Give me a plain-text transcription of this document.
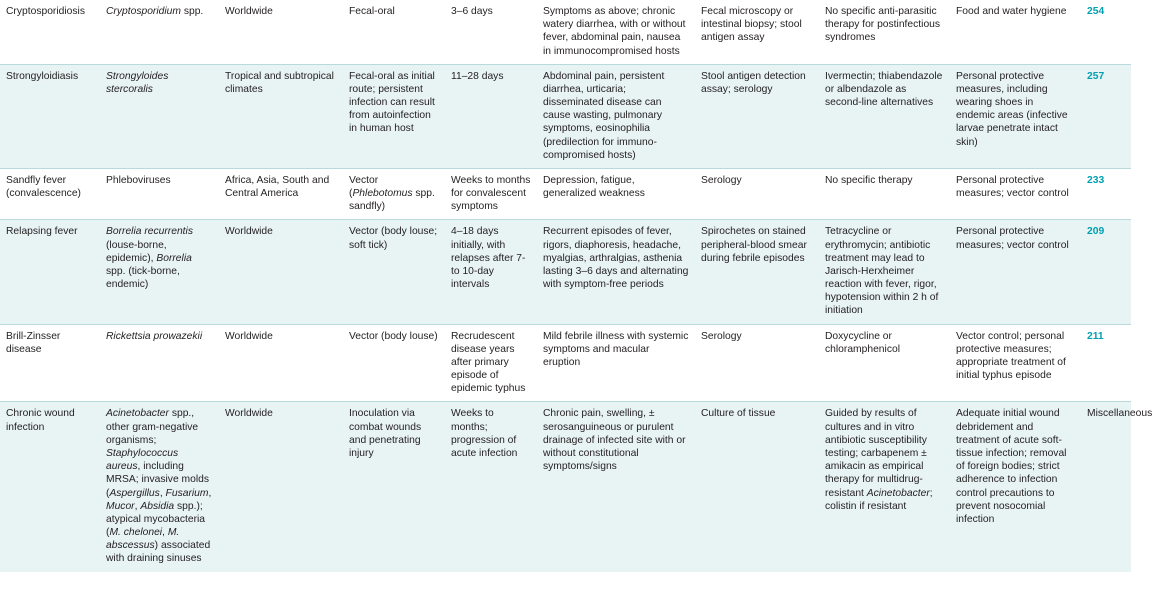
Cryptosporidiosis	Cryptosporidium spp.	Worldwide	Fecal-oral	3–6 days	Symptoms as above; chronic watery diarrhea, with or without fever, abdominal pain, nausea in immunocompromised hosts	Fecal microscopy or intestinal biopsy; stool antigen assay	No specific anti-parasitic therapy for postinfectious syndromes	Food and water hygiene	254
Strongyloidiasis	Strongyloides stercoralis	Tropical and subtropical climates	Fecal-oral as initial route; persistent infection can result from autoinfection in human host	11–28 days	Abdominal pain, persistent diarrhea, urticaria; disseminated disease can cause wasting, pulmonary symptoms, eosinophilia (predilection for immuno-compromised hosts)	Stool antigen detection assay; serology	Ivermectin; thiabendazole or albendazole as second-line alternatives	Personal protective measures, including wearing shoes in endemic areas (infective larvae penetrate intact skin)	257
Sandfly fever (convalescence)	Phleboviruses	Africa, Asia, South and Central America	Vector (Phlebotomus spp. sandfly)	Weeks to months for convalescent symptoms	Depression, fatigue, generalized weakness	Serology	No specific therapy	Personal protective measures; vector control	233
Relapsing fever	Borrelia recurrentis (louse-borne, epidemic), Borrelia spp. (tick-borne, endemic)	Worldwide	Vector (body louse; soft tick)	4–18 days initially, with relapses after 7- to 10-day intervals	Recurrent episodes of fever, rigors, diaphoresis, headache, myalgias, arthralgias, asthenia lasting 3–6 days and alternating with symptom-free periods	Spirochetes on stained peripheral-blood smear during febrile episodes	Tetracycline or erythromycin; antibiotic treatment may lead to Jarisch-Herxheimer reaction with fever, rigor, hypotension within 2 h of initiation	Personal protective measures; vector control	209
Brill-Zinsser disease	Rickettsia prowazekii	Worldwide	Vector (body louse)	Recrudescent disease years after primary episode of epidemic typhus	Mild febrile illness with systemic symptoms and macular eruption	Serology	Doxycycline or chloramphenicol	Vector control; personal protective measures; appropriate treatment of initial typhus episode	211
Chronic wound infection	Acinetobacter spp., other gram-negative organisms; Staphylococcus aureus, including MRSA; invasive molds (Aspergillus, Fusarium, Mucor, Absidia spp.); atypical mycobacteria (M. chelonei, M. abscessus) associated with draining sinuses	Worldwide	Inoculation via combat wounds and penetrating injury	Weeks to months; progression of acute infection	Chronic pain, swelling, ± serosanguineous or purulent drainage of infected site with or without constitutional symptoms/signs	Culture of tissue	Guided by results of cultures and in vitro antibiotic susceptibility testing; carbapenem ± amikacin as empirical therapy for multidrug-resistant Acinetobacter; colistin if resistant	Adequate initial wound debridement and treatment of acute soft-tissue infection; removal of foreign bodies; strict adherence to infection control precautions to prevent nosocomial infection	Miscellaneous
